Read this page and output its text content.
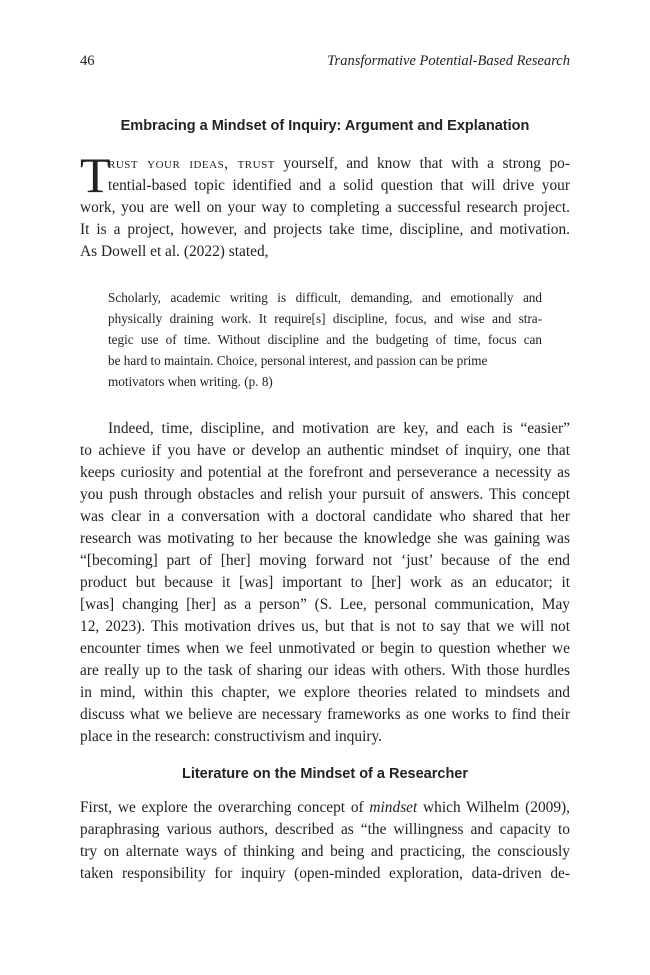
46	Transformative Potential-Based Research
Embracing a Mindset of Inquiry: Argument and Explanation
T
rust your ideas, trust yourself, and know that with a strong po-
tential-based topic identified and a solid question that will drive your
work, you are well on your way to completing a successful research project.
It is a project, however, and projects take time, discipline, and motivation.
As Dowell et al. (2022) stated,
Scholarly, academic writing is difficult, demanding, and emotionally and
physically draining work. It require[s] discipline, focus, and wise and stra-
tegic use of time. Without discipline and the budgeting of time, focus can
be hard to maintain. Choice, personal interest, and passion can be prime
motivators when writing. (p. 8)
Indeed, time, discipline, and motivation are key, and each is “easier”
to achieve if you have or develop an authentic mindset of inquiry, one that
keeps curiosity and potential at the forefront and perseverance a necessity as
you push through obstacles and relish your pursuit of answers. This concept
was clear in a conversation with a doctoral candidate who shared that her
research was motivating to her because the knowledge she was gaining was
“[becoming] part of [her] moving forward not ‘just’ because of the end
product but because it [was] important to [her] work as an educator; it
[was] changing [her] as a person” (S. Lee, personal communication, May
12, 2023). This motivation drives us, but that is not to say that we will not
encounter times when we feel unmotivated or begin to question whether we
are really up to the task of sharing our ideas with others. With those hurdles
in mind, within this chapter, we explore theories related to mindsets and
discuss what we believe are necessary frameworks as one works to find their
place in the research: constructivism and inquiry.
Literature on the Mindset of a Researcher
First, we explore the overarching concept of mindset which Wilhelm (2009),
paraphrasing various authors, described as “the willingness and capacity to
try on alternate ways of thinking and being and practicing, the consciously
taken responsibility for inquiry (open-minded exploration, data-driven de-
